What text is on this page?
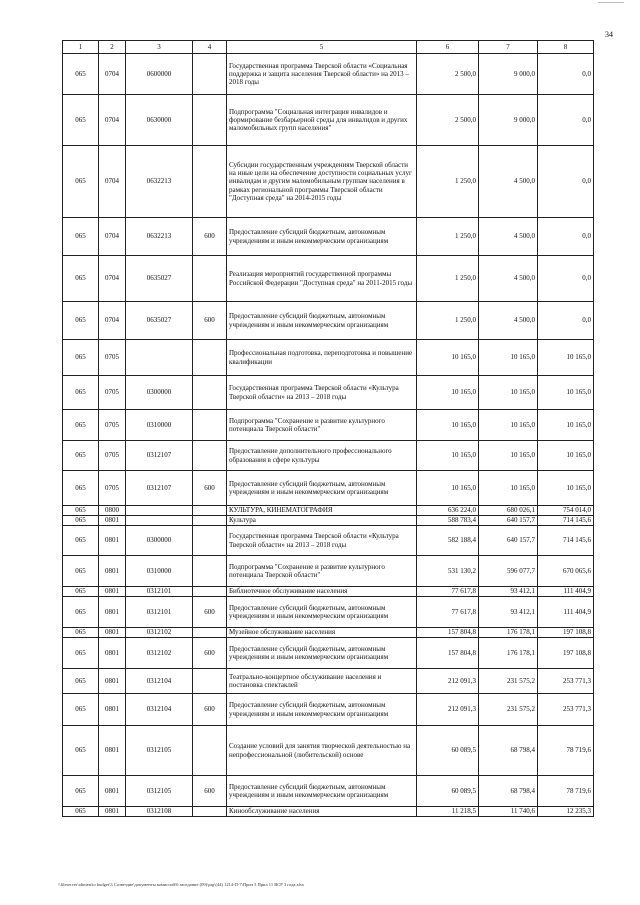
34
1	2	3	4	5	6	7	8
065	0704	0600000		Государственная программа Тверской области «Социальная поддержка и защита населения Тверской области» на 2013 – 2018 годы	2 500,0	9 000,0	0,0
065	0704	0630000		Подпрограмма "Социальная интеграция инвалидов и формирование безбарьерной среды для инвалидов и других маломобильных групп населения"	2 500,0	9 000,0	0,0
065	0704	0632213		Субсидии государственным учреждениям Тверской области на иные цели на обеспечение доступности социальных услуг инвалидам и другим маломобильным группам населения в рамках региональной программы Тверской области "Доступная среда" на 2014-2015 годы	1 250,0	4 500,0	0,0
065	0704	0632213	600	Предоставление субсидий бюджетным, автономным учреждениям и иным некоммерческим организациям	1 250,0	4 500,0	0,0
065	0704	0635027		Реализация мероприятий государственной программы Российской Федерации "Доступная среда" на 2011-2015 годы	1 250,0	4 500,0	0,0
065	0704	0635027	600	Предоставление субсидий бюджетным, автономным учреждениям и иным некоммерческим организациям	1 250,0	4 500,0	0,0
065	0705			Профессиональная подготовка, переподготовка и повышение квалификации	10 165,0	10 165,0	10 165,0
065	0705	0300000		Государственная программа Тверской области «Культура Тверской области» на 2013 – 2018 годы	10 165,0	10 165,0	10 165,0
065	0705	0310000		Подпрограмма "Сохранение и развитие культурного потенциала Тверской области"	10 165,0	10 165,0	10 165,0
065	0705	0312107		Предоставление дополнительного профессионального образования в сфере культуры	10 165,0	10 165,0	10 165,0
065	0705	0312107	600	Предоставление субсидий бюджетным, автономным учреждениям и иным некоммерческим организациям	10 165,0	10 165,0	10 165,0
065	0800			КУЛЬТУРА, КИНЕМАТОГРАФИЯ	636 224,0	680 026,1	754 014,0
065	0801			Культура	588 783,4	640 157,7	714 145,6
065	0801	0300000		Государственная программа Тверской области «Культура Тверской области» на 2013 – 2018 годы	582 188,4	640 157,7	714 145,6
065	0801	0310000		Подпрограмма "Сохранение и развитие культурного потенциала Тверской области"	531 130,2	596 077,7	670 065,6
065	0801	0312101		Библиотечное обслуживание населения	77 617,8	93 412,1	111 404,9
065	0801	0312101	600	Предоставление субсидий бюджетным, автономным учреждениям и иным некоммерческим организациям	77 617,8	93 412,1	111 404,9
065	0801	0312102		Музейное обслуживание населения	157 804,8	176 178,1	197 108,8
065	0801	0312102	600	Предоставление субсидий бюджетным, автономным учреждениям и иным некоммерческим организациям	157 804,8	176 178,1	197 108,8
065	0801	0312104		Театрально-концертное обслуживание населения и постановка спектаклей	212 091,3	231 575,2	253 771,3
065	0801	0312104	600	Предоставление субсидий бюджетным, автономным учреждениям и иным некоммерческим организациям	212 091,3	231 575,2	253 771,3
065	0801	0312105		Создание условий для занятия творческой деятельностью на непрофессиональной (любительской) основе	60 089,5	68 798,4	78 719,6
065	0801	0312105	600	Предоставление субсидий бюджетным, автономным учреждениям и иным некоммерческим организациям	60 089,5	68 798,4	78 719,6
065	0801	0312108		Кинообслуживание населения	11 218,5	11 740,6	12 235,3
\\fileserver\obmen\to budget\3 Созвездие\документы комиссий\6 заседание (09)\prg\(44) 1214-П-7\Прил 3 Прил 11 ВСР 3 года.xlsx
